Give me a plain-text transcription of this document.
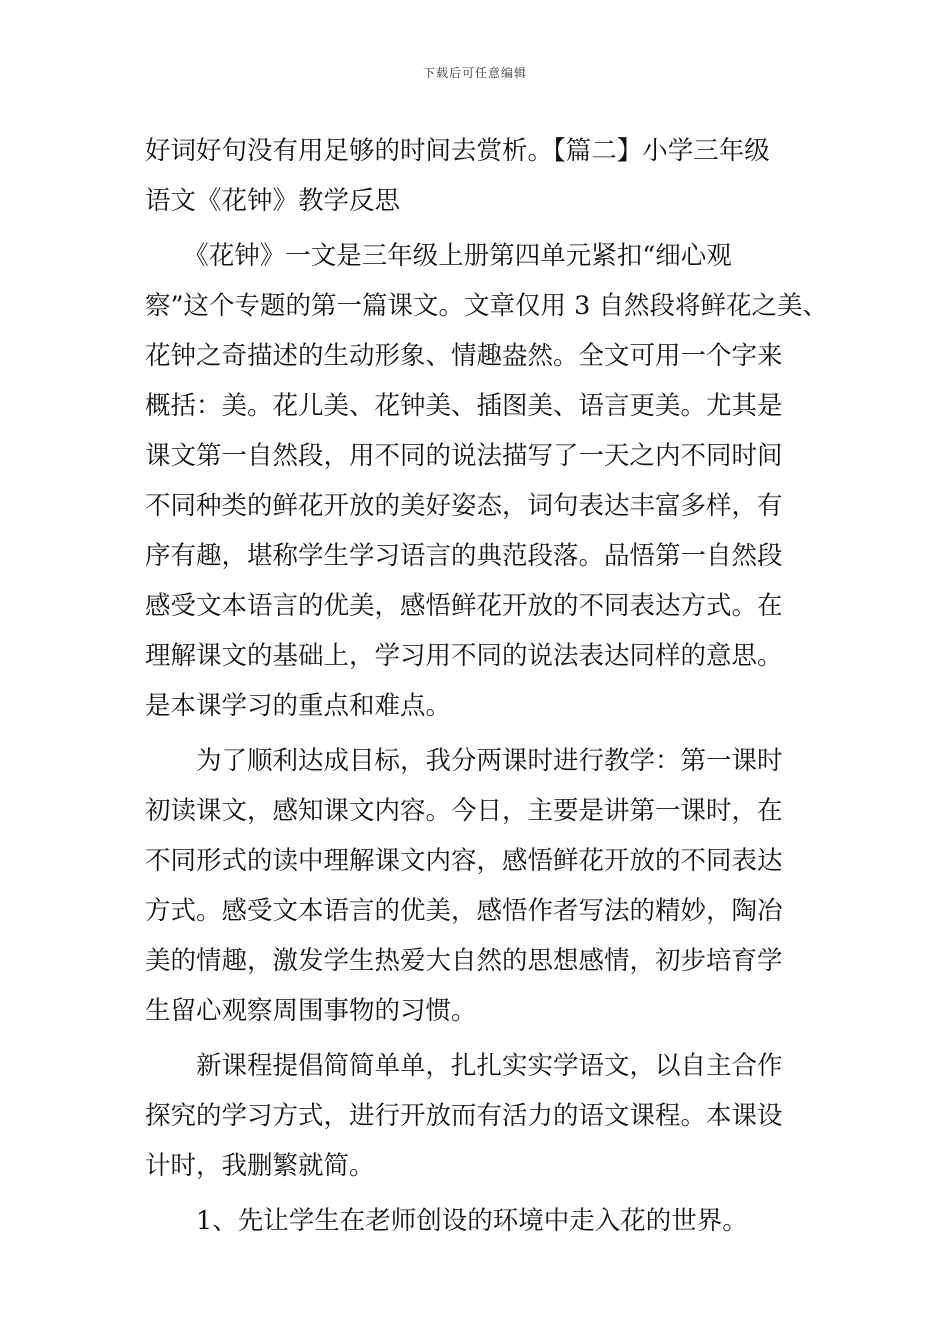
下载后可任意编辑
好词好句没有用足够的时间去赏析。【篇二】小学三年级
语文《花钟》教学反思
　　《花钟》一文是三年级上册第四单元紧扣“细心观
察”这个专题的第一篇课文。文章仅用 3 自然段将鲜花之美、
花钟之奇描述的生动形象、情趣盎然。全文可用一个字来
概括：美。花儿美、花钟美、插图美、语言更美。尤其是
课文第一自然段，用不同的说法描写了一天之内不同时间
不同种类的鲜花开放的美好姿态，词句表达丰富多样，有
序有趣，堪称学生学习语言的典范段落。品悟第一自然段
感受文本语言的优美，感悟鲜花开放的不同表达方式。在
理解课文的基础上，学习用不同的说法表达同样的意思。
是本课学习的重点和难点。
　　为了顺利达成目标，我分两课时进行教学：第一课时
初读课文，感知课文内容。今日，主要是讲第一课时，在
不同形式的读中理解课文内容，感悟鲜花开放的不同表达
方式。感受文本语言的优美，感悟作者写法的精妙，陶冶
美的情趣，激发学生热爱大自然的思想感情，初步培育学
生留心观察周围事物的习惯。
　　新课程提倡简简单单，扎扎实实学语文，以自主合作
探究的学习方式，进行开放而有活力的语文课程。本课设
计时，我删繁就简。
　　1、先让学生在老师创设的环境中走入花的世界。
